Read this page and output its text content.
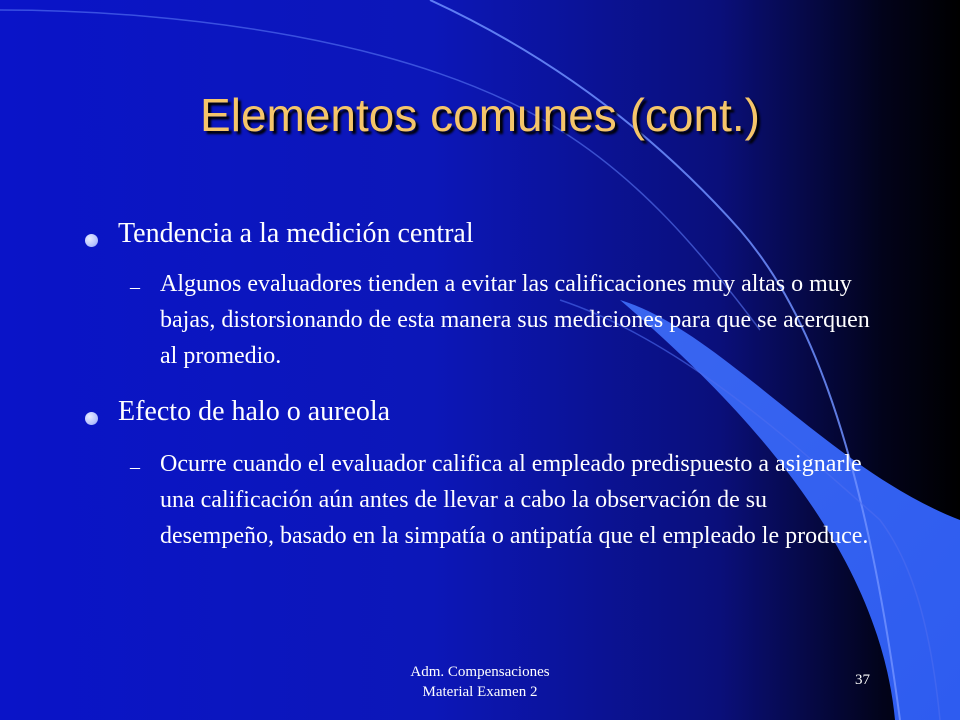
Elementos comunes (cont.)
Tendencia a la medición central
– Algunos evaluadores tienden a evitar las calificaciones muy altas o muy bajas, distorsionando de esta manera sus mediciones para que se acerquen al promedio.
Efecto de halo o aureola
– Ocurre cuando el evaluador califica al empleado predispuesto a asignarle una calificación aún antes de llevar a cabo la observación de su desempeño, basado en la simpatía o antipatía que el empleado le produce.
Adm. Compensaciones
Material Examen 2
37
